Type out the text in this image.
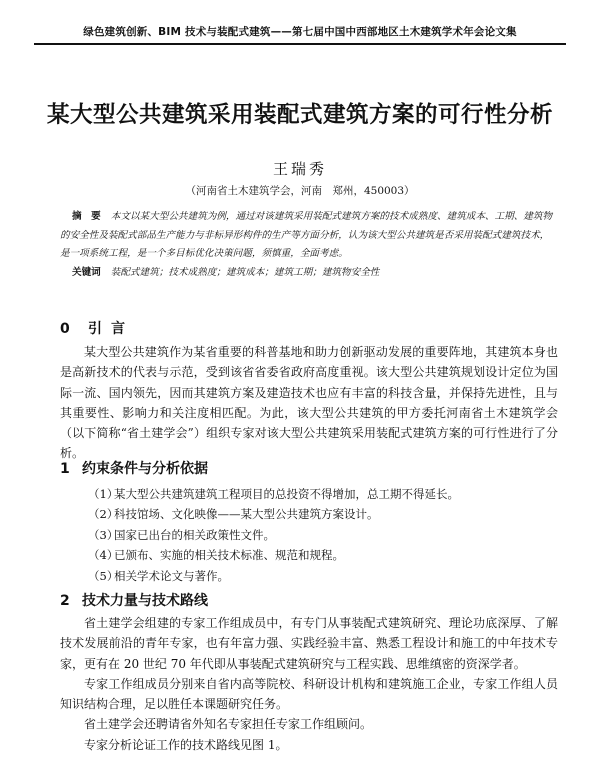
绿色建筑创新、BIM 技术与装配式建筑——第七届中国中西部地区土木建筑学术年会论文集
某大型公共建筑采用装配式建筑方案的可行性分析
王瑞秀
（河南省土木建筑学会，河南　郑州，450003）

摘　要 本文以某大型公共建筑为例，通过对该建筑采用装配式建筑方案的技术成熟度、建筑成本、工期、建筑物的安全性及装配式部品生产能力与非标异形构件的生产等方面分析，认为该大型公共建筑是否采用装配式建筑技术，是一项系统工程，是一个多目标优化决策问题，须慎重，全面考虑。

关键词 装配式建筑；技术成熟度；建筑成本；建筑工期；建筑物安全性

0 引言

某大型公共建筑作为某省重要的科普基地和助力创新驱动发展的重要阵地，其建筑本身也是高新技术的代表与示范，受到该省省委省政府高度重视。该大型公共建筑规划设计定位为国际一流、国内领先，因而其建筑方案及建造技术也应有丰富的科技含量，并保持先进性，且与其重要性、影响力和关注度相匹配。为此，该大型公共建筑的甲方委托河南省土木建筑学会（以下简称“省土建学会”）组织专家对该大型公共建筑采用装配式建筑方案的可行性进行了分析。

1 约束条件与分析依据
（1）某大型公共建筑建筑工程项目的总投资不得增加，总工期不得延长。
（2）科技馆场、文化映像——某大型公共建筑方案设计。
（3）国家已出台的相关政策性文件。
（4）已颁布、实施的相关技术标准、规范和规程。
（5）相关学术论文与著作。
2 技术力量与技术路线

省土建学会组建的专家工作组成员中，有专门从事装配式建筑研究、理论功底深厚、了解技术发展前沿的青年专家，也有年富力强、实践经验丰富、熟悉工程设计和施工的中年技术专家，更有在 20 世纪 70 年代即从事装配式建筑研究与工程实践、思维缜密的资深学者。

专家工作组成员分别来自省内高等院校、科研设计机构和建筑施工企业，专家工作组人员知识结构合理，足以胜任本课题研究任务。

省土建学会还聘请省外知名专家担任专家工作组顾问。

专家分析论证工作的技术路线见图 1。
